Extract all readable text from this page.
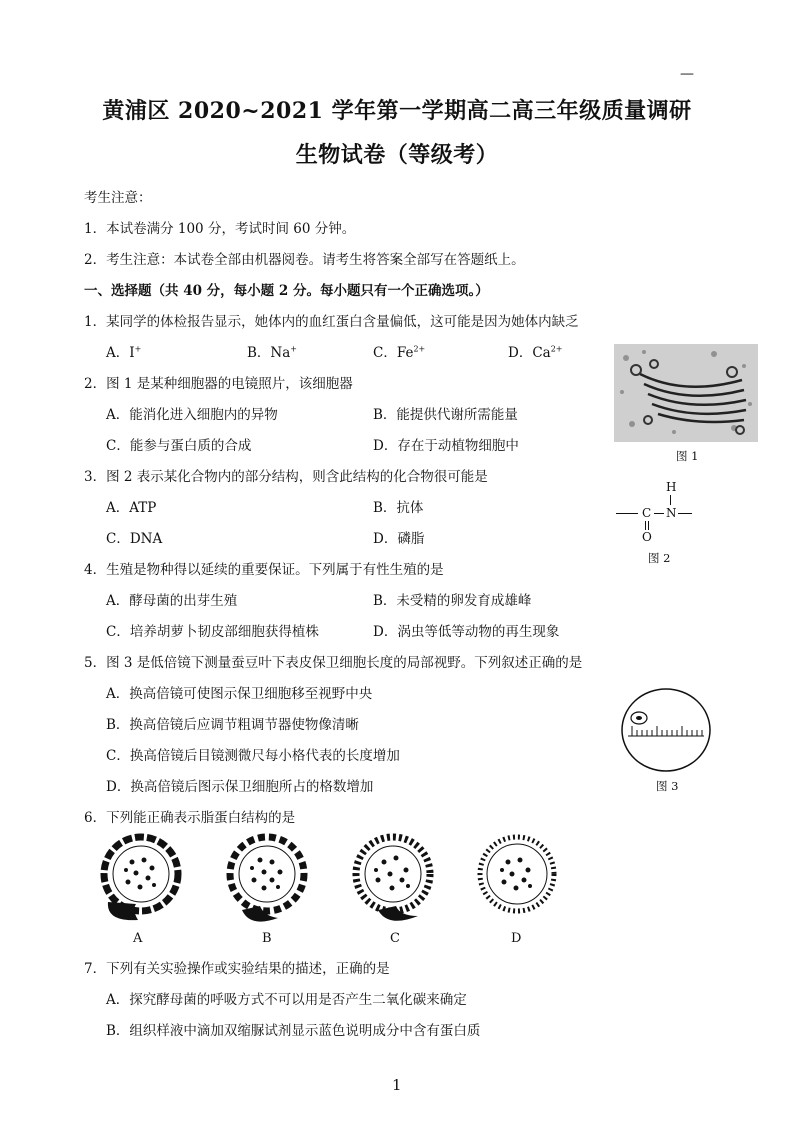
—
黄浦区 2020~2021 学年第一学期高二高三年级质量调研
生物试卷（等级考）
考生注意：
1．本试卷满分 100 分，考试时间 60 分钟。
2．考生注意：本试卷全部由机器阅卷。请考生将答案全部写在答题纸上。
一、选择题（共 40 分，每小题 2 分。每小题只有一个正确选项。）
1．某同学的体检报告显示，她体内的血红蛋白含量偏低，这可能是因为她体内缺乏
A．I+	B．Na+	C．$Fe^{2+}$	D．$Ca^{2+}$
2．图 1 是某种细胞器的电镜照片，该细胞器
A．能消化进入细胞内的异物	B．能提供代谢所需能量
C．能参与蛋白质的合成	D．存在于动植物细胞中
3．图 2 表示某化合物内的部分结构，则含此结构的化合物很可能是
A．ATP	B．抗体
C．DNA	D．磷脂
4．生殖是物种得以延续的重要保证。下列属于有性生殖的是
A．酵母菌的出芽生殖	B．未受精的卵发育成雄峰
C．培养胡萝卜韧皮部细胞获得植株	D．涡虫等低等动物的再生现象
5．图 3 是低倍镜下测量蚕豆叶下表皮保卫细胞长度的局部视野。下列叙述正确的是
A．换高倍镜可使图示保卫细胞移至视野中央
B．换高倍镜后应调节粗调节器使物像清晰
C．换高倍镜后目镜测微尺每小格代表的长度增加
D．换高倍镜后图示保卫细胞所占的格数增加
6．下列能正确表示脂蛋白结构的是
A	B	C	D
7．下列有关实验操作或实验结果的描述，正确的是
A．探究酵母菌的呼吸方式不可以用是否产生二氧化碳来确定
B．组织样液中滴加双缩脲试剂显示蓝色说明成分中含有蛋白质
图 1
H
C N
O
图 2
图 3
1
